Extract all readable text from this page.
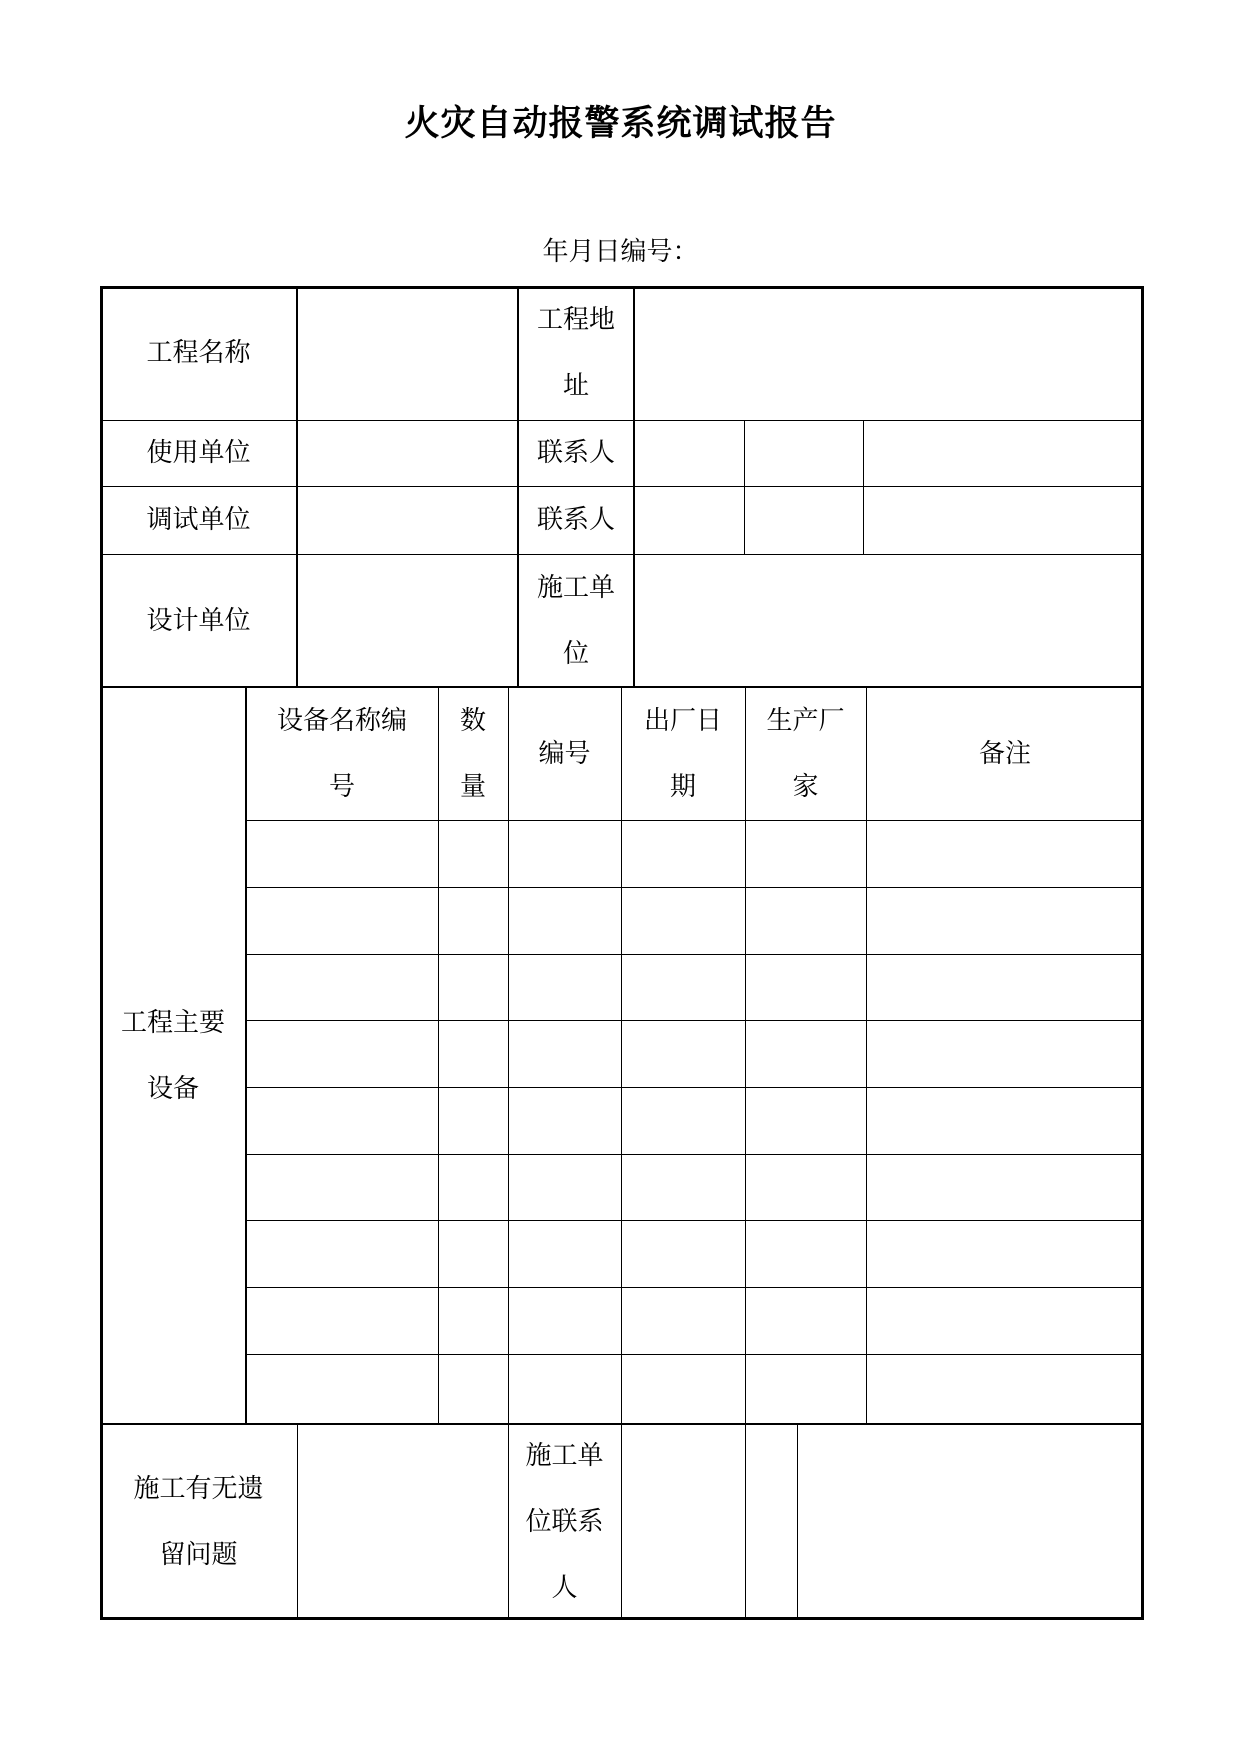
火灾自动报警系统调试报告
年月日编号：
工程名称
工程地
址
使用单位	联系人
调试单位	联系人
设计单位
施工单
位
工程主要
设备
设备名称编
号
数
量
编号
出厂日
期
生产厂
家
备注
施工有无遗
留问题
施工单
位联系
人
